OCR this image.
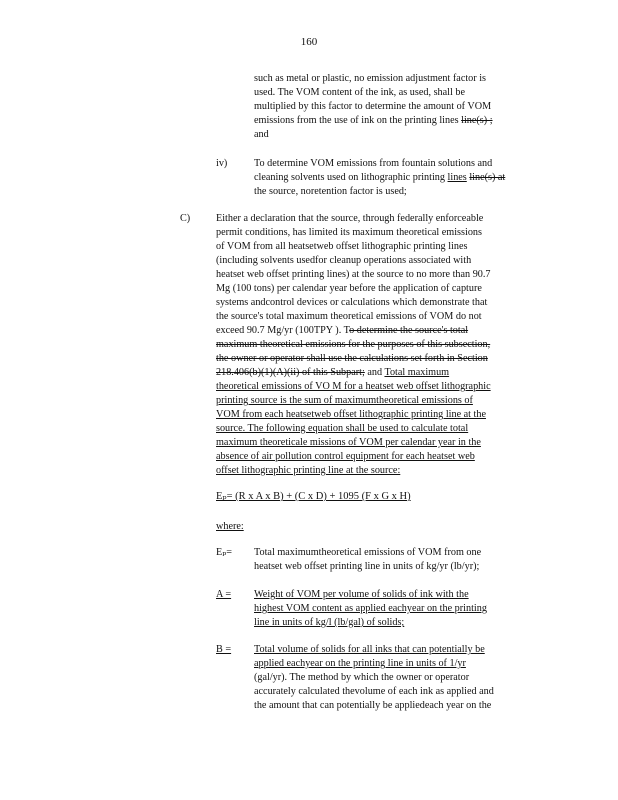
160
such as metal or plastic, no emission adjustment factor is
used. The VOM content of the ink, as used, shall be
multiplied by this factor to determine the amount of VOM
emissions from the use of ink on the printing lines line(s) ;
and
iv)	To determine VOM emissions from fountain solutions and
cleaning solvents used on lithographic printing lines line(s) at
the source, noretention factor is used;
C)	Either a declaration that the source, through federally enforceable
permit conditions, has limited its maximum theoretical emissions
of VOM from all heatsetweb offset lithographic printing lines
(including solvents usedfor cleanup operations associated with
heatset web offset printing lines) at the source to no more than 90.7
Mg (100 tons) per calendar year before the application of capture
systems andcontrol devices or calculations which demonstrate that
the source's total maximum theoretical emissions of VOM do not
exceed 90.7 Mg/yr (100TPY ). To determine the source's total
maximum theoretical emissions for the purposes of this subsection,
the owner or operator shall use the calculations set forth in Section
218.406(b)(1)(A)(ii) of this Subpart; and Total maximum
theoretical emissions of VO M for a heatset web offset lithographic
printing source is the sum of maximumtheoretical emissions of
VOM from each heatsetweb offset lithographic printing line at the
source. The following equation shall be used to calculate total
maximum theoreticale missions of VOM per calendar year in the
absence of air pollution control equipment for each heatset web
offset lithographic printing line at the source:
Eₚ= (R x A x B) + (C x D) + 1095 (F x G x H)
where:
Eₚ= Total maximumtheoretical emissions of VOM from one
heatset web offset printing line in units of kg/yr (lb/yr);
A = Weight of VOM per volume of solids of ink with the
highest VOM content as applied eachyear on the printing
line in units of kg/l (lb/gal) of solids;
B = Total volume of solids for all inks that can potentially be
applied eachyear on the printing line in units of 1/yr
(gal/yr). The method by which the owner or operator
accurately calculated thevolume of each ink as applied and
the amount that can potentially be appliedeach year on the
